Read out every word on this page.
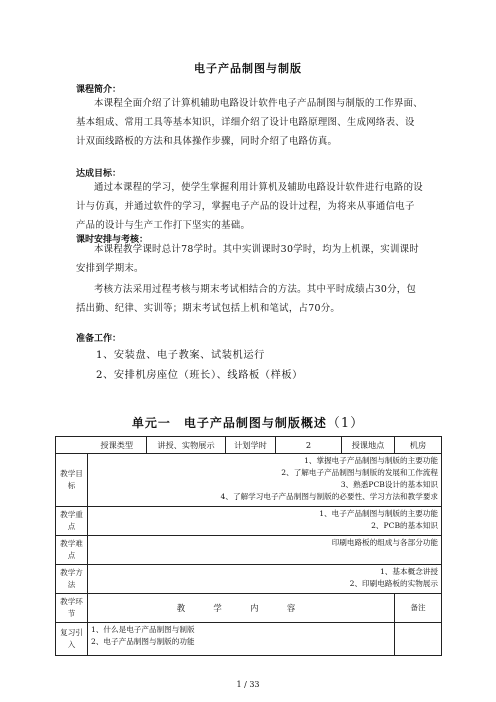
电子产品制图与制版
课程简介：
本课程全面介绍了计算机辅助电路设计软件电子产品制图与制版的工作界面、基本组成、常用工具等基本知识，详细介绍了设计电路原理图、生成网络表、设计双面线路板的方法和具体操作步骤，同时介绍了电路仿真。
达成目标：
通过本课程的学习，使学生掌握利用计算机及辅助电路设计软件进行电路的设计与仿真，并通过软件的学习，掌握电子产品的设计过程，为将来从事通信电子产品的设计与生产工作打下坚实的基础。
课时安排与考核：
本课程教学课时总计78学时。其中实训课时30学时，均为上机课，实训课时安排到学期末。
考核方法采用过程考核与期末考试相结合的方法。其中平时成绩占30分，包括出勤、纪律、实训等；期末考试包括上机和笔试，占70分。
准备工作：
1、安装盘、电子教案、试装机运行
2、安排机房座位（班长）、线路板（样板）
单元一　电子产品制图与制版概述（1）
	授课类型	讲授、实物展示	计划学时	2	授课地点	机房
教学目标	1、掌握电子产品制图与制版的主要功能
2、了解电子产品制图与制版的发展和工作流程
3、熟悉PCB设计的基本知识
4、了解学习电子产品制图与制版的必要性、学习方法和教学要求					

教学重点	1、电子产品制图与制版的主要功能
2、PCB的基本知识					

教学难点	印刷电路板的组成与各部分功能					

教学方法	1、基本概念讲授
2、印刷电路板的实物展示					

教学环节	教　学　内　容					备注
复习引入	1、什么是电子产品制图与制版
2、电子产品制图与制版的功能					

1 / 33
